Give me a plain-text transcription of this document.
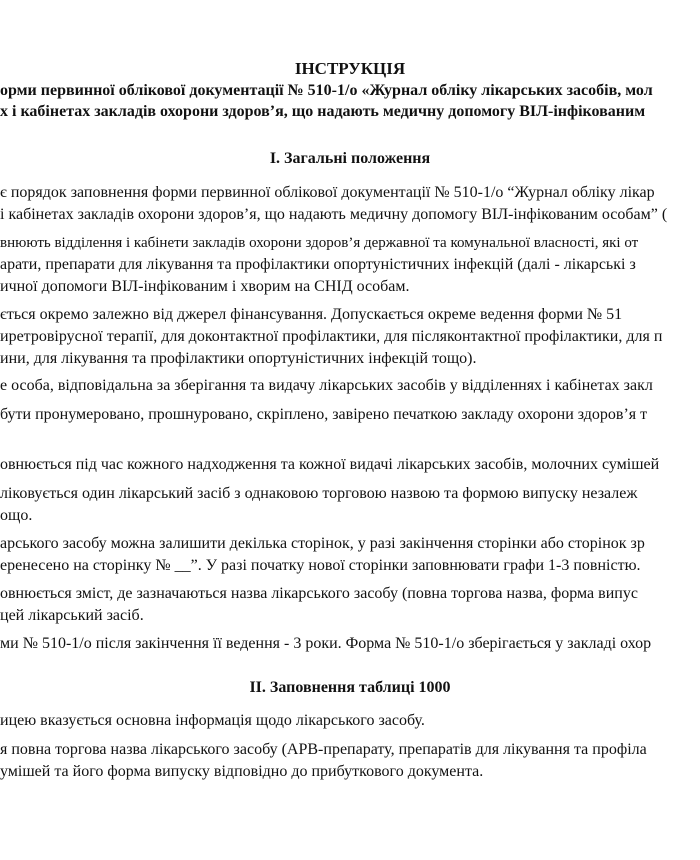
ІНСТРУКЦІЯ
орми первинної облікової документації № 510-1/о «Журнал обліку лікарських засобів, мол
х і кабінетах закладів охорони здоров’я, що надають медичну допомогу ВІЛ-інфікованим
I. Загальні положення
є порядок заповнення форми первинної облікової документації № 510-1/о “Журнал обліку лікар
і кабінетах закладів охорони здоров’я, що надають медичну допомогу ВІЛ-інфікованим особам” (
внюють відділення і кабінети закладів охорони здоров’я державної та комунальної власності, які от
арати, препарати для лікування та профілактики опортуністичних інфекцій (далі - лікарські з
ичної допомоги ВІЛ-інфікованим і хворим на СНІД особам.
ється окремо залежно від джерел фінансування. Допускається окреме ведення форми № 51
иретровірусної терапії, для доконтактної профілактики, для післяконтактної профілактики, для п
ини, для лікування та профілактики опортуністичних інфекцій тощо).
е особа, відповідальна за зберігання та видачу лікарських засобів у відділеннях і кабінетах закл
бути пронумеровано, прошнуровано, скріплено, завірено печаткою закладу охорони здоров’я т
овнюється під час кожного надходження та кожної видачі лікарських засобів, молочних сумішей
ліковується один лікарський засіб з однаковою торговою назвою та формою випуску незалеж
ощо.
арського засобу можна залишити декілька сторінок, у разі закінчення сторінки або сторінок зр
еренесено на сторінку № __”. У разі початку нової сторінки заповнювати графи 1-3 повністю.
овнюється зміст, де зазначаються назва лікарського засобу (повна торгова назва, форма випус
цей лікарський засіб.
ми № 510-1/о після закінчення її ведення - 3 роки. Форма № 510-1/о зберігається у закладі охор
II. Заповнення таблиці 1000
ицею вказується основна інформація щодо лікарського засобу.
я повна торгова назва лікарського засобу (АРВ-препарату, препаратів для лікування та профіла
умішей та його форма випуску відповідно до прибуткового документа.
